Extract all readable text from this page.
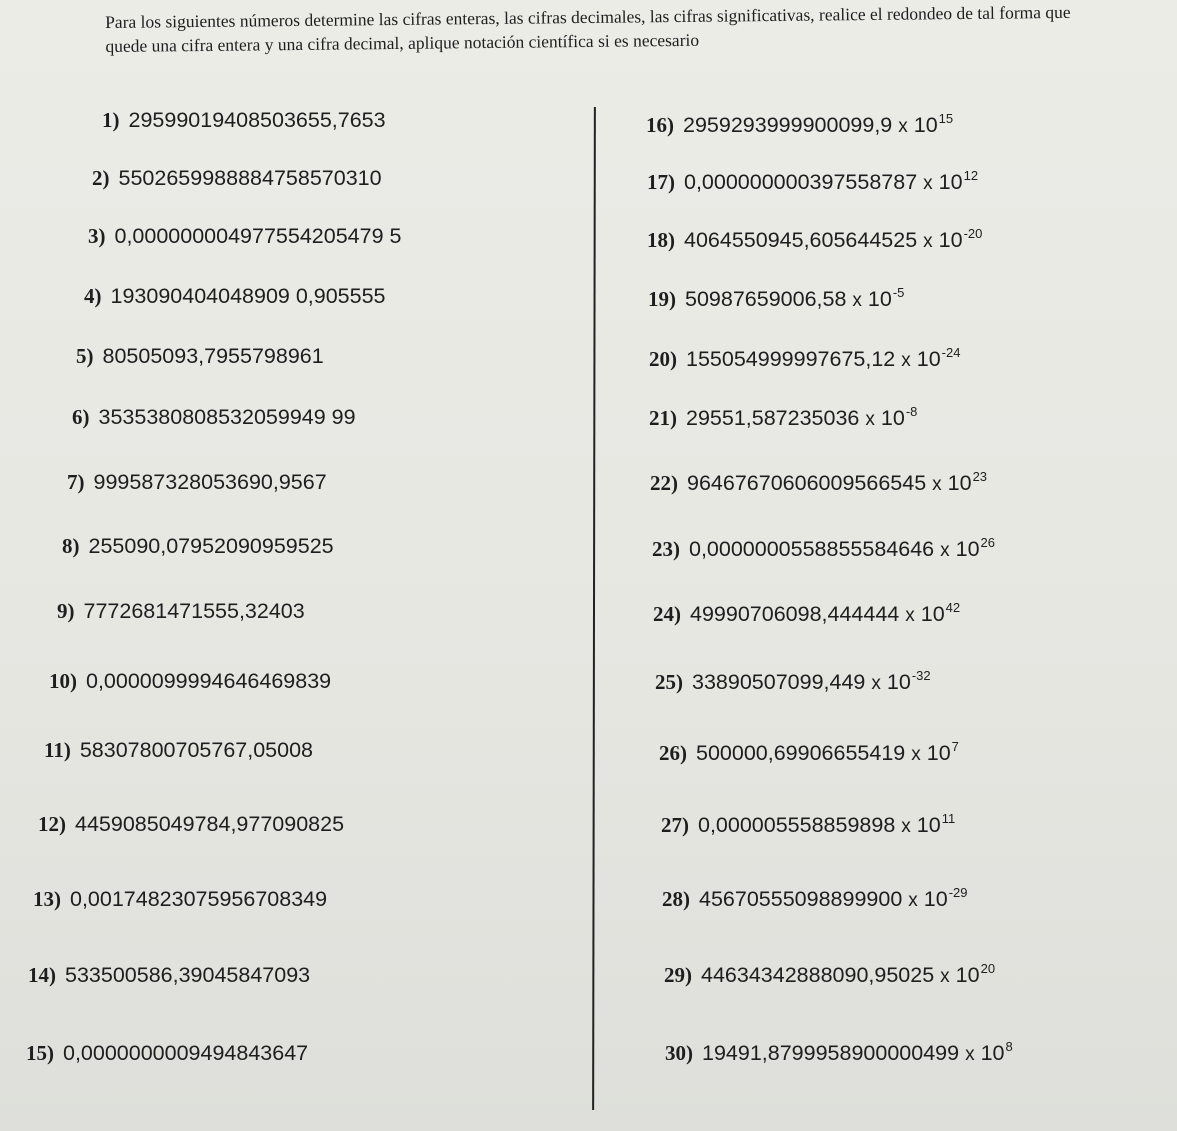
Para los siguientes números determine las cifras enteras, las cifras decimales, las cifras significativas, realice el redondeo de tal forma que quede una cifra entera y una cifra decimal, aplique notación científica si es necesario

1) 29599019408503655,7653
2) 5502659988884758570310
3) 0,000000004977554205479 5
4) 193090404048909 0,905555
5) 80505093,7955798961
6) 3535380808532059949 99
7) 999587328053690,9567
8) 255090,07952090959525
9) 7772681471555,32403
10) 0,0000099994646469839
11) 58307800705767,05008
12) 4459085049784,977090825
13) 0,00174823075956708349
14) 533500586,39045847093
15) 0,0000000009494843647
16) 2959293999900099,9 x $10^{15}$
17) 0,000000000397558787 x $10^{12}$
18) 4064550945,605644525 x $10^{-20}$
19) 50987659006,58 x $10^{-5}$
20) 155054999997675,12 x $10^{-24}$
21) 29551,587235036 x $10^{-8}$
22) 96467670606009566545 x $10^{23}$
23) 0,0000000558855584646 x $10^{26}$
24) 49990706098,444444 x $10^{42}$
25) 33890507099,449 x $10^{-32}$
26) 500000,69906655419 x $10^7$
27) 0,000005558859898 x $10^{11}$
28) 45670555098899900 x $10^{-29}$
29) 44634342888090,95025 x $10^{20}$
30) 19491,8799958900000499 x $10^8$
